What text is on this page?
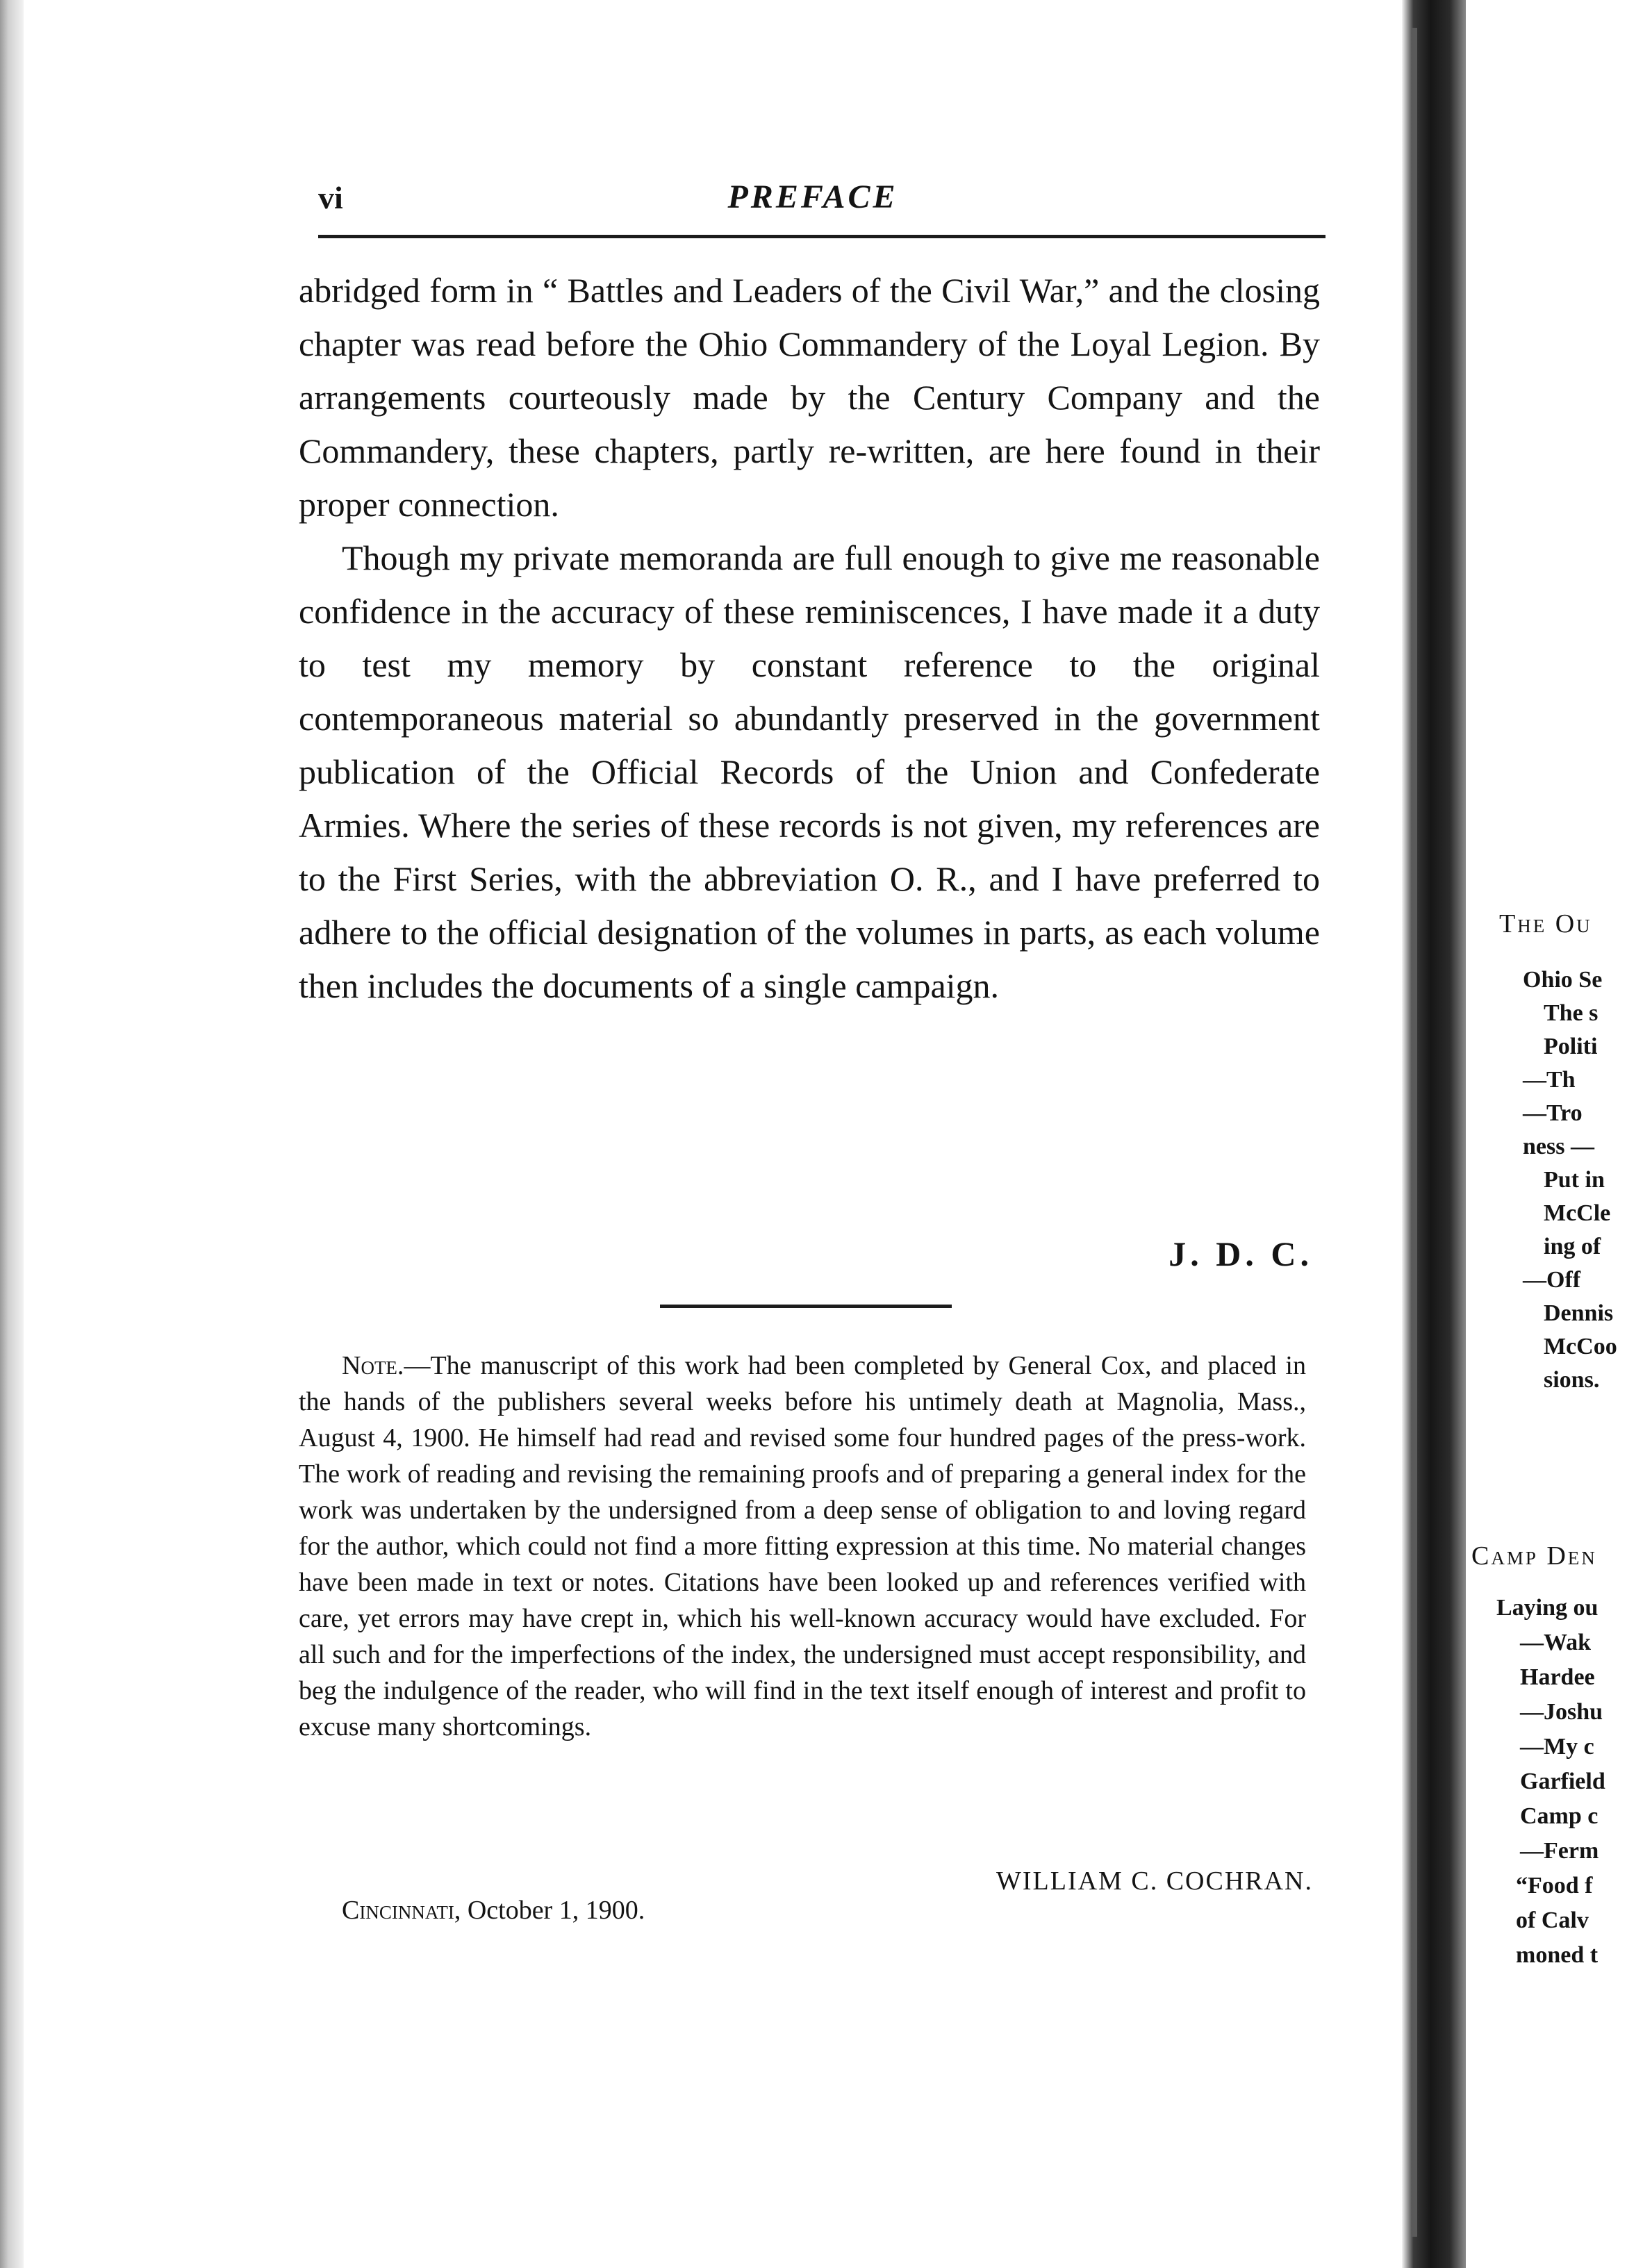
vi	PREFACE

abridged form in “ Battles and Leaders of the Civil War,” and the closing chapter was read before the Ohio Commandery of the Loyal Legion. By arrangements courteously made by the Century Company and the Commandery, these chapters, partly re-written, are here found in their proper connection.

Though my private memoranda are full enough to give me reasonable confidence in the accuracy of these reminiscences, I have made it a duty to test my memory by constant reference to the original contemporaneous material so abundantly preserved in the government publication of the Official Records of the Union and Confederate Armies. Where the series of these records is not given, my references are to the First Series, with the abbreviation O. R., and I have preferred to adhere to the official designation of the volumes in parts, as each volume then includes the documents of a single campaign.

J. D. C.

Note.—The manuscript of this work had been completed by General Cox, and placed in the hands of the publishers several weeks before his untimely death at Magnolia, Mass., August 4, 1900. He himself had read and revised some four hundred pages of the press-work. The work of reading and revising the remaining proofs and of preparing a general index for the work was undertaken by the undersigned from a deep sense of obligation to and loving regard for the author, which could not find a more fitting expression at this time. No material changes have been made in text or notes. Citations have been looked up and references verified with care, yet errors may have crept in, which his well-known accuracy would have excluded. For all such and for the imperfections of the index, the undersigned must accept responsibility, and beg the indulgence of the reader, who will find in the text itself enough of interest and profit to excuse many shortcomings.

WILLIAM C. COCHRAN.
Cincinnati, October 1, 1900.
The Ou
Ohio Se
The s
Politi
—Th
—Tro
ness —
Put in
McCle
ing of
—Off
Dennis
McCoo
sions.
Camp Den
Laying ou
—Wak
Hardee
—Joshu
—My c
Garfield
Camp c
—Ferm
“Food f
of Calv
moned t
